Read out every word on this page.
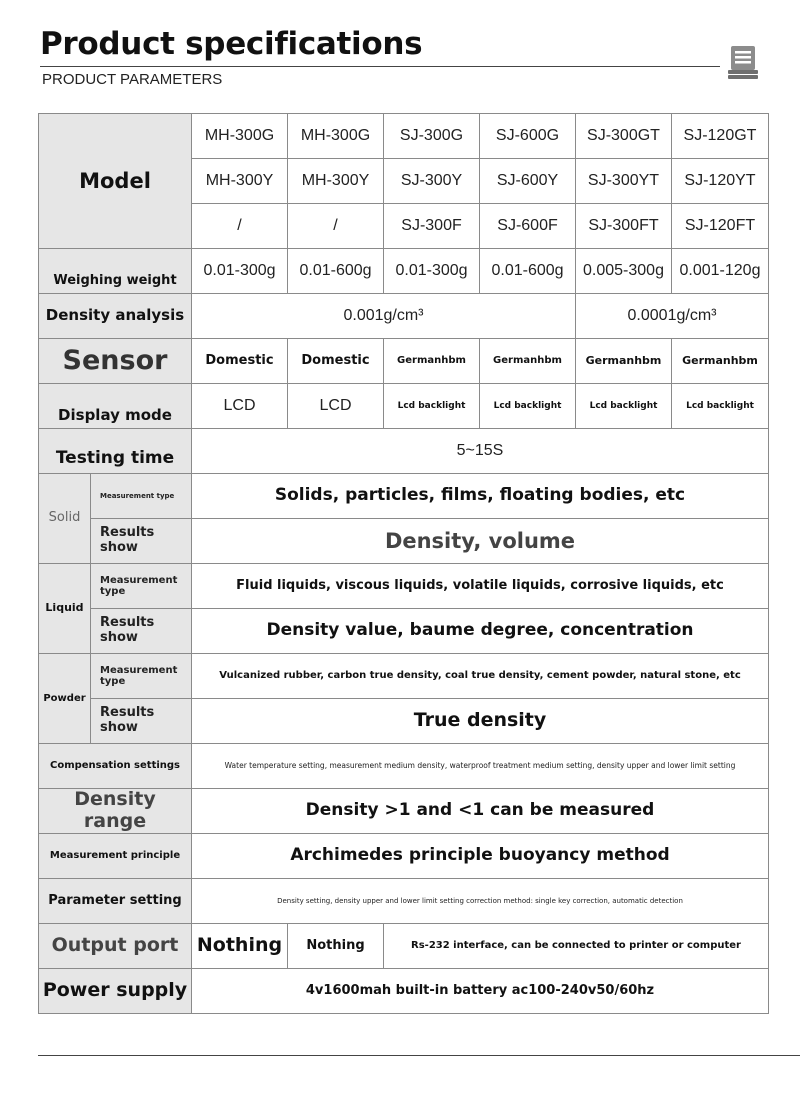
Product specifications
PRODUCT PARAMETERS
Model		MH-300G	MH-300G	SJ-300G	SJ-600G	SJ-300GT	SJ-120GT
		MH-300Y	MH-300Y	SJ-300Y	SJ-600Y	SJ-300YT	SJ-120YT
		/	/	SJ-300F	SJ-600F	SJ-300FT	SJ-120FT
Weighing weight		0.01-300g	0.01-600g	0.01-300g	0.01-600g	0.005-300g	0.001-120g
Density analysis		0.001g/cm³				0.0001g/cm³	
Sensor		Domestic	Domestic	Germanhbm	Germanhbm	Germanhbm	Germanhbm
Display mode		LCD	LCD	Lcd backlight	Lcd backlight	Lcd backlight	Lcd backlight
Testing time		5~15S					
Solid	Measurement type	Solids, particles, films, floating bodies, etc					
	Results show	Density, volume					
Liquid	Measurement type	Fluid liquids, viscous liquids, volatile liquids, corrosive liquids, etc					
	Results show	Density value, baume degree, concentration					
Powder	Measurement type	Vulcanized rubber, carbon true density, coal true density, cement powder, natural stone, etc					
	Results show	True density					
Compensation settings		Water temperature setting, measurement medium density, waterproof treatment medium setting, density upper and lower limit setting					
Density range		Density >1 and <1 can be measured					
Measurement principle		Archimedes principle buoyancy method					
Parameter setting		Density setting, density upper and lower limit setting correction method: single key correction, automatic detection					
Output port		Nothing	Nothing	Rs-232 interface, can be connected to printer or computer			
Power supply		4v1600mah built-in battery ac100-240v50/60hz					
